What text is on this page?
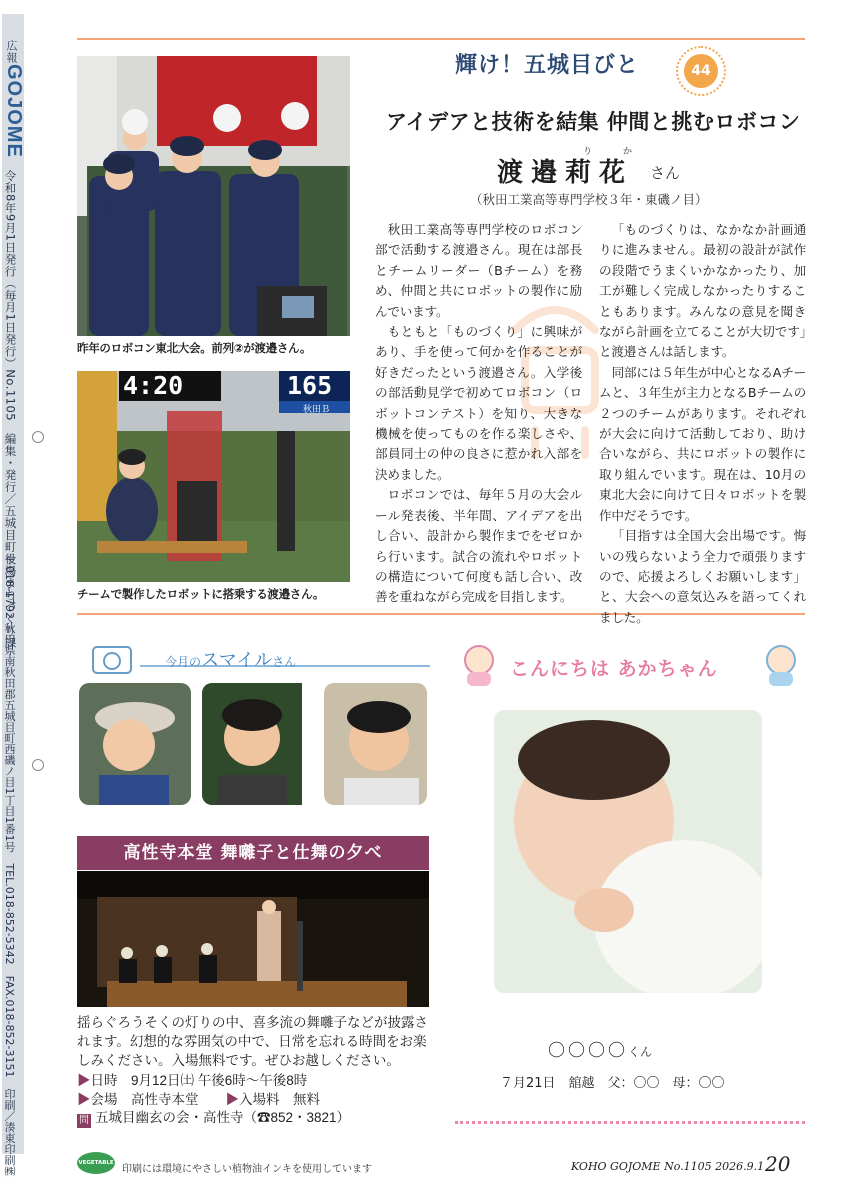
広報
GOJOME
令和8年9月1日発行（毎月1日発行）No.1105　編集・発行／五城目町役場まちづくり課
〒018-1792 秋田県南秋田郡五城目町西磯ノ目1丁目1番1号　TEL.018-852-5342　FAX.018-852-3151　印刷／湊東印刷㈱
昨年のロボコン東北大会。前列②が渡邉さん。
4:20	165
秋田Ｂ
チームで製作したロボットに搭乗する渡邉さん。
輝け！五城目びと	44
アイデアと技術を結集 仲間と挑むロボコン
り	か
渡邉莉花 さん
（秋田工業高等専門学校３年・東磯ノ目）

秋田工業高等専門学校のロボコン部で活動する渡邉さん。現在は部長とチームリーダー（Bチーム）を務め、仲間と共にロボットの製作に励んでいます。

もともと「ものづくり」に興味があり、手を使って何かを作ることが好きだったという渡邉さん。入学後の部活動見学で初めてロボコン（ロボットコンテスト）を知り、大きな機械を使ってものを作る楽しさや、部員同士の仲の良さに惹かれ入部を決めました。

ロボコンでは、毎年５月の大会ルール発表後、半年間、アイデアを出し合い、設計から製作までをゼロから行います。試合の流れやロボットの構造について何度も話し合い、改善を重ねながら完成を目指します。

「ものづくりは、なかなか計画通りに進みません。最初の設計が試作の段階でうまくいかなかったり、加工が難しく完成しなかったりすることもあります。みんなの意見を聞きながら計画を立てることが大切です」と渡邉さんは話します。

同部には５年生が中心となるAチームと、３年生が主力となるBチームの２つのチームがあります。それぞれが大会に向けて活動しており、助け合いながら、共にロボットの製作に取り組んでいます。現在は、10月の東北大会に向けて日々ロボットを製作中だそうです。

「目指すは全国大会出場です。悔いの残らないよう全力で頑張りますので、応援よろしくお願いします」と、大会への意気込みを語ってくれました。

今月のスマイルさん
高性寺本堂 舞囃子と仕舞の夕べ
揺らぐろうそくの灯りの中、喜多流の舞囃子などが披露されます。幻想的な雰囲気の中で、日常を忘れる時間をお楽しみください。入場無料です。ぜひお越しください。
▶日時　 9月12日㈯ 午後6時～午後8時
▶会場　 高性寺本堂　　 ▶入場料　 無料
問 五城目幽玄の会・高性寺（☎852・3821）
こんにちは あかちゃん
〇〇〇〇くん
７月21日　舘越　父：〇〇　母：〇〇
VEGETABLE OIL INK
印刷には環境にやさしい植物油インキを使用しています	KOHO GOJOME No.1105 2026.9.1 20
